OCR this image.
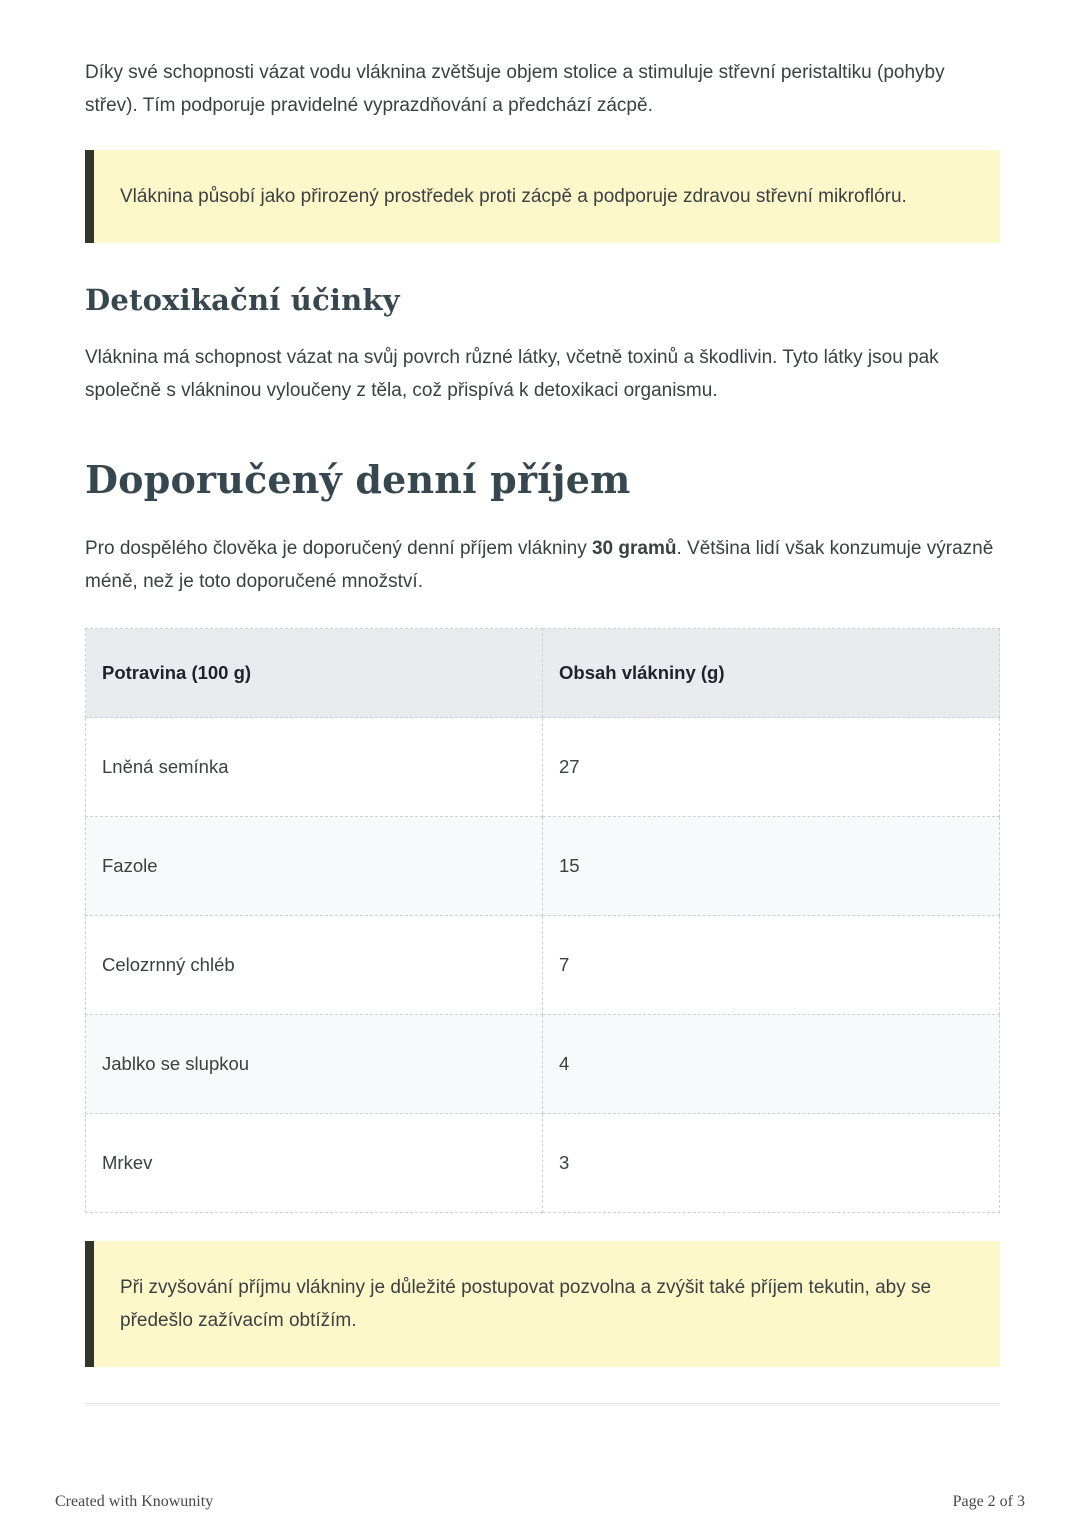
Díky své schopnosti vázat vodu vláknina zvětšuje objem stolice a stimuluje střevní peristaltiku (pohyby střev). Tím podporuje pravidelné vyprazdňování a předchází zácpě.

Vláknina působí jako přirozený prostředek proti zácpě a podporuje zdravou střevní mikroflóru.

Detoxikační účinky

Vláknina má schopnost vázat na svůj povrch různé látky, včetně toxinů a škodlivin. Tyto látky jsou pak společně s vlákninou vyloučeny z těla, což přispívá k detoxikaci organismu.

Doporučený denní příjem

Pro dospělého člověka je doporučený denní příjem vlákniny 30 gramů. Většina lidí však konzumuje výrazně méně, než je toto doporučené množství.

Potravina (100 g)	Obsah vlákniny (g)
Lněná semínka	27
Fazole	15
Celozrnný chléb	7
Jablko se slupkou	4
Mrkev	3

Při zvyšování příjmu vlákniny je důležité postupovat pozvolna a zvýšit také příjem tekutin, aby se předešlo zažívacím obtížím.

Created with Knowunity	Page 2 of 3
